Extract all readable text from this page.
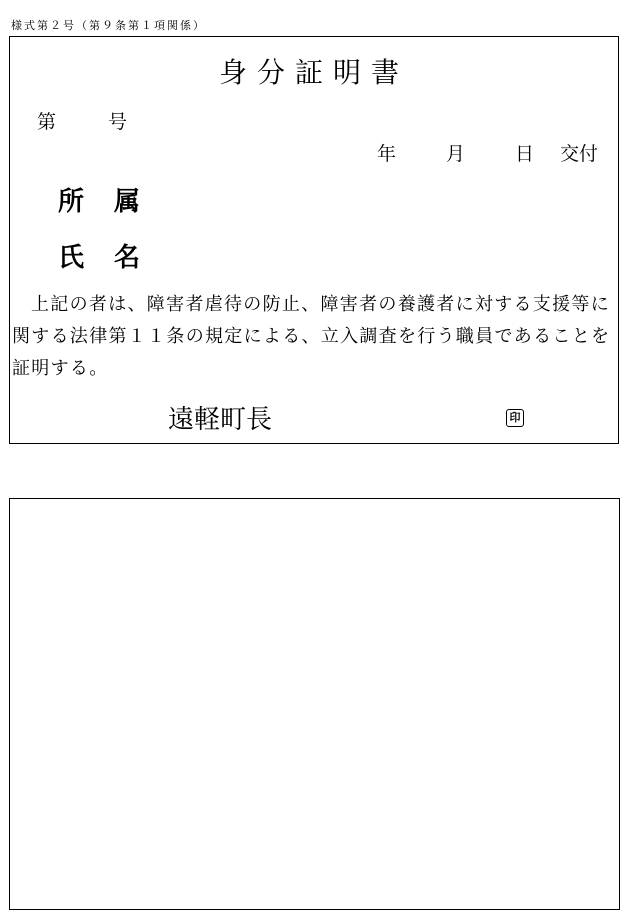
様式第２号（第９条第１項関係）
身分証明書
第	号
年	月	日 交付
所 属
氏 名

上記の者は、障害者虐待の防止、障害者の養護者に対する支援等に関する法律第１１条の規定による、立入調査を行う職員であることを証明する。

遠軽町長	印
